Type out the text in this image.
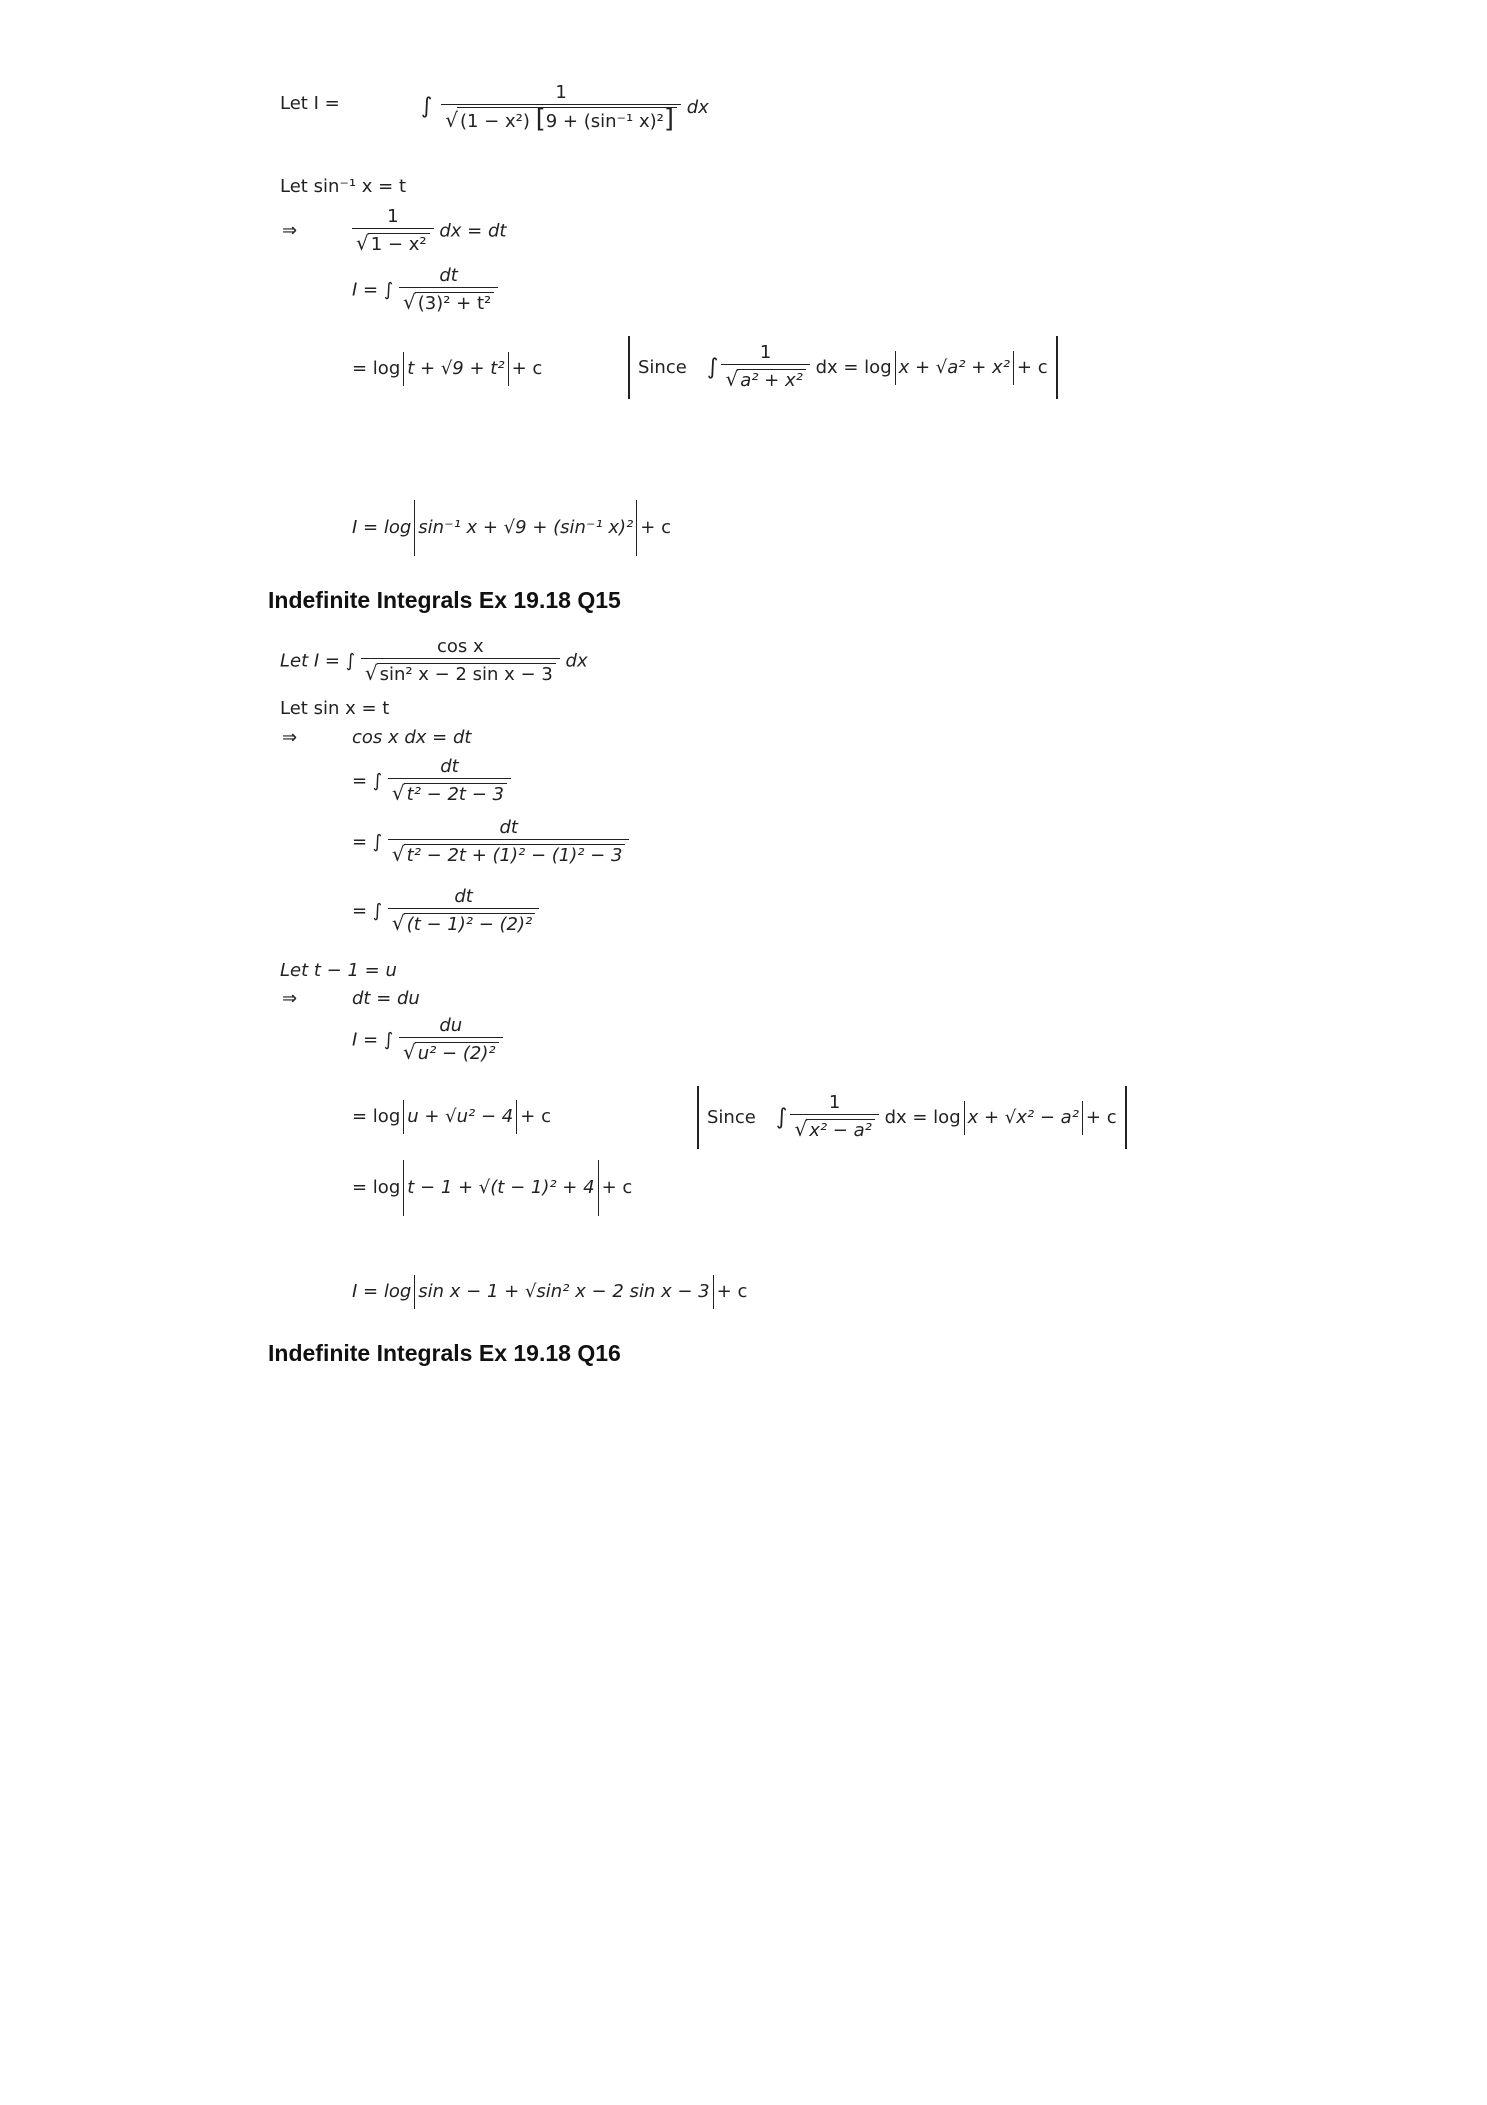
Let I =	∫ $\frac{1}{\text{√ (1 − x²) [9 + (sin⁻¹ x)²]}}$ dx
Let sin⁻¹ x = t
⇒	$\frac{1}{\text{√ 1 − x²}}$ dx = dt
I = ∫ $\frac{dt}{\text{√ (3)² + t²}}$
= log t + √9 + t² + c	Since
∫ $\frac{1}{\text{√ a² + x²}}$
dx = log x + √a² + x² + c
I = log sin⁻¹ x + √9 + (sin⁻¹ x)² + c
Indefinite Integrals Ex 19.18 Q15
Let I = ∫ $\frac{\text{cos x}}{\text{√ sin² x − 2 sin x − 3}}$ dx
Let sin x = t
⇒	cos x dx = dt
= ∫ $\frac{dt}{\text{√ t² − 2t − 3}}$
= ∫ $\frac{dt}{\text{√ t² − 2t + (1)² − (1)² − 3}}$
= ∫ $\frac{dt}{\text{√ (t − 1)² − (2)²}}$
Let t − 1 = u
⇒	dt = du
I = ∫ $\frac{du}{\text{√ u² − (2)²}}$
= log u + √u² − 4 + c	Since
∫ $\frac{1}{\text{√ x² − a²}}$
dx = log x + √x² − a² + c
= log t − 1 + √(t − 1)² + 4 + c
I = log sin x − 1 + √sin² x − 2 sin x − 3 + c
Indefinite Integrals Ex 19.18 Q16
